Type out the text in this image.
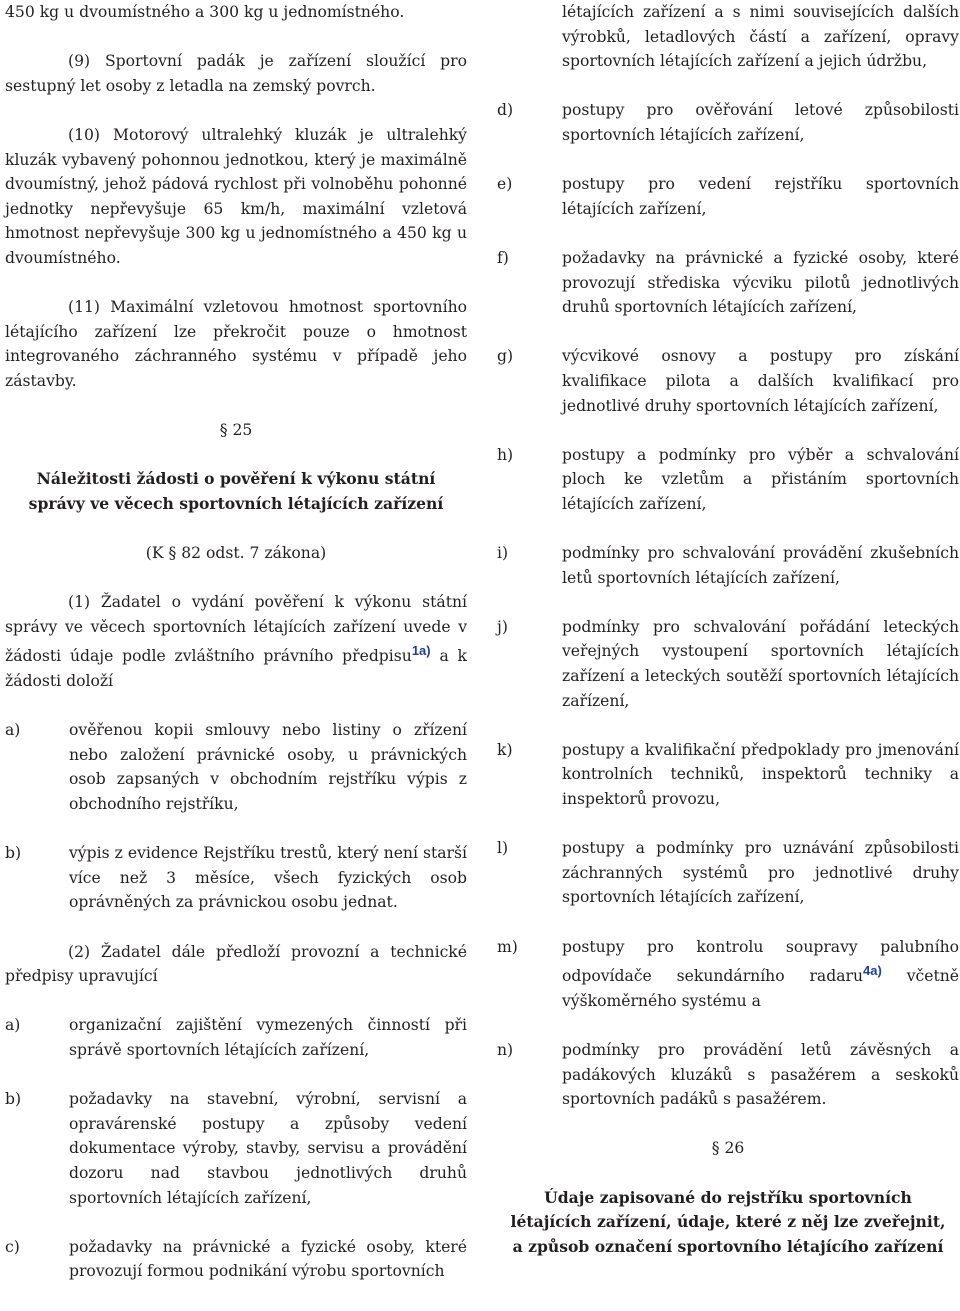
450 kg u dvoumístného a 300 kg u jednomístného.

(9) Sportovní padák je zařízení sloužící pro sestupný let osoby z letadla na zemský povrch.

(10) Motorový ultralehký kluzák je ultralehký kluzák vybavený pohonnou jednotkou, který je maximálně dvoumístný, jehož pádová rychlost při volnoběhu pohonné jednotky nepřevyšuje 65 km/h, maximální vzletová hmotnost nepřevyšuje 300 kg u jednomístného a 450 kg u dvoumístného.

(11) Maximální vzletovou hmotnost sportovního létajícího zařízení lze překročit pouze o hmotnost integrovaného záchranného systému v případě jeho zástavby.

§ 25
Náležitosti žádosti o pověření k výkonu státní správy ve věcech sportovních létajících zařízení
(K § 82 odst. 7 zákona)

(1) Žadatel o vydání pověření k výkonu státní správy ve věcech sportovních létajících zařízení uvede v žádosti údaje podle zvláštního právního předpisu$^{1a)}$ a k žádosti doloží

a)	ověřenou kopii smlouvy nebo listiny o zřízení nebo založení právnické osoby, u právnických osob zapsaných v obchodním rejstříku výpis z obchodního rejstříku,
b)	výpis z evidence Rejstříku trestů, který není starší více než 3 měsíce, všech fyzických osob oprávněných za právnickou osobu jednat.

(2) Žadatel dále předloží provozní a technické předpisy upravující

a)	organizační zajištění vymezených činností při správě sportovních létajících zařízení,
b)	požadavky na stavební, výrobní, servisní a opravárenské postupy a způsoby vedení dokumentace výroby, stavby, servisu a provádění dozoru nad stavbou jednotlivých druhů sportovních létajících zařízení,
c)	požadavky na právnické a fyzické osoby, které provozují formou podnikání výrobu sportovních
létajících zařízení a s nimi souvisejících dalších výrobků, letadlových částí a zařízení, opravy sportovních létajících zařízení a jejich údržbu,
d)	postupy pro ověřování letové způsobilosti sportovních létajících zařízení,
e)	postupy pro vedení rejstříku sportovních létajících zařízení,
f)	požadavky na právnické a fyzické osoby, které provozují střediska výcviku pilotů jednotlivých druhů sportovních létajících zařízení,
g)	výcvikové osnovy a postupy pro získání kvalifikace pilota a dalších kvalifikací pro jednotlivé druhy sportovních létajících zařízení,
h)	postupy a podmínky pro výběr a schvalování ploch ke vzletům a přistáním sportovních létajících zařízení,
i)	podmínky pro schvalování provádění zkušebních letů sportovních létajících zařízení,
j)	podmínky pro schvalování pořádání leteckých veřejných vystoupení sportovních létajících zařízení a leteckých soutěží sportovních létajících zařízení,
k)	postupy a kvalifikační předpoklady pro jmenování kontrolních techniků, inspektorů techniky a inspektorů provozu,
l)	postupy a podmínky pro uznávání způsobilosti záchranných systémů pro jednotlivé druhy sportovních létajících zařízení,
m)	postupy pro kontrolu soupravy palubního odpovídače sekundárního radaru$^{4a)}$ včetně výškoměrného systému a
n)	podmínky pro provádění letů závěsných a padákových kluzáků s pasažérem a seskoků sportovních padáků s pasažérem.
§ 26
Údaje zapisované do rejstříku sportovních létajících zařízení, údaje, které z něj lze zveřejnit, a způsob označení sportovního létajícího zařízení
